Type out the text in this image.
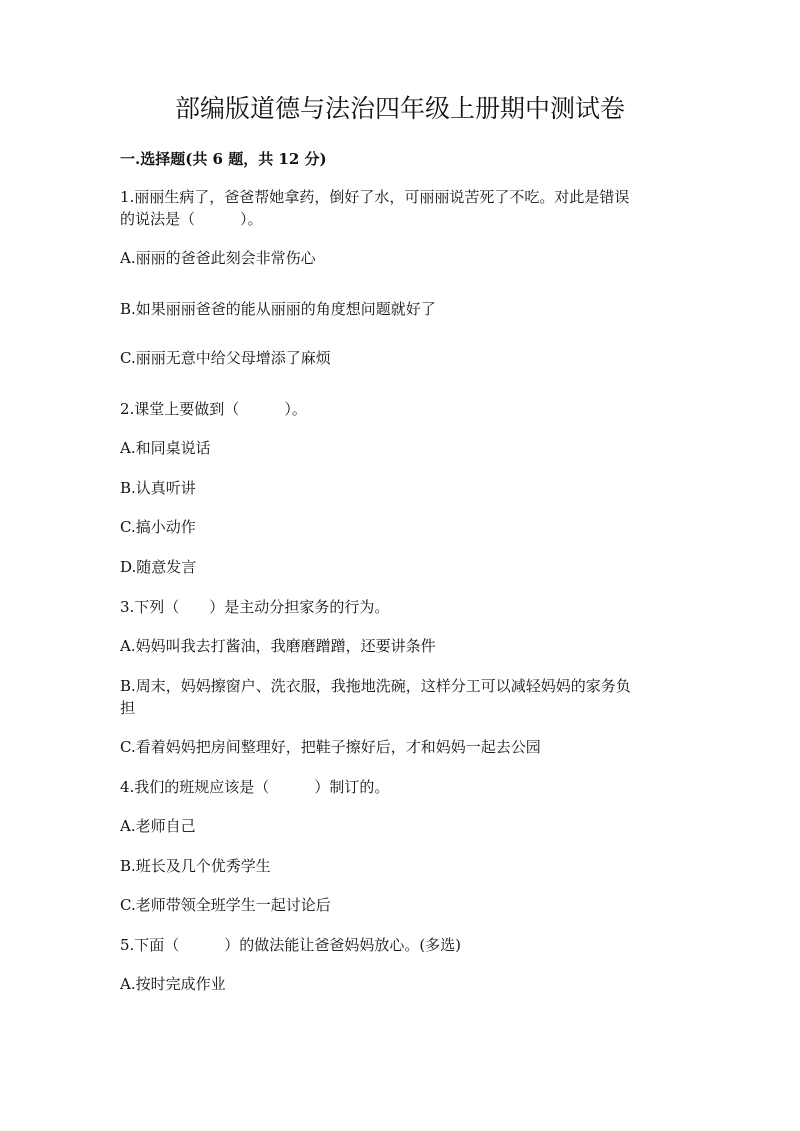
部编版道德与法治四年级上册期中测试卷

一.选择题(共 6 题，共 12 分)

1.丽丽生病了，爸爸帮她拿药，倒好了水，可丽丽说苦死了不吃。对此是错误

的说法是（　　　）。

A.丽丽的爸爸此刻会非常伤心

B.如果丽丽爸爸的能从丽丽的角度想问题就好了

C.丽丽无意中给父母增添了麻烦

2.课堂上要做到（　　　）。

A.和同桌说话

B.认真听讲

C.搞小动作

D.随意发言

3.下列（　　）是主动分担家务的行为。

A.妈妈叫我去打酱油，我磨磨蹭蹭，还要讲条件

B.周末，妈妈擦窗户、洗衣服，我拖地洗碗，这样分工可以减轻妈妈的家务负

担

C.看着妈妈把房间整理好，把鞋子擦好后，才和妈妈一起去公园

4.我们的班规应该是（　　　）制订的。

A.老师自己

B.班长及几个优秀学生

C.老师带领全班学生一起讨论后

5.下面（　　　）的做法能让爸爸妈妈放心。(多选)

A.按时完成作业
